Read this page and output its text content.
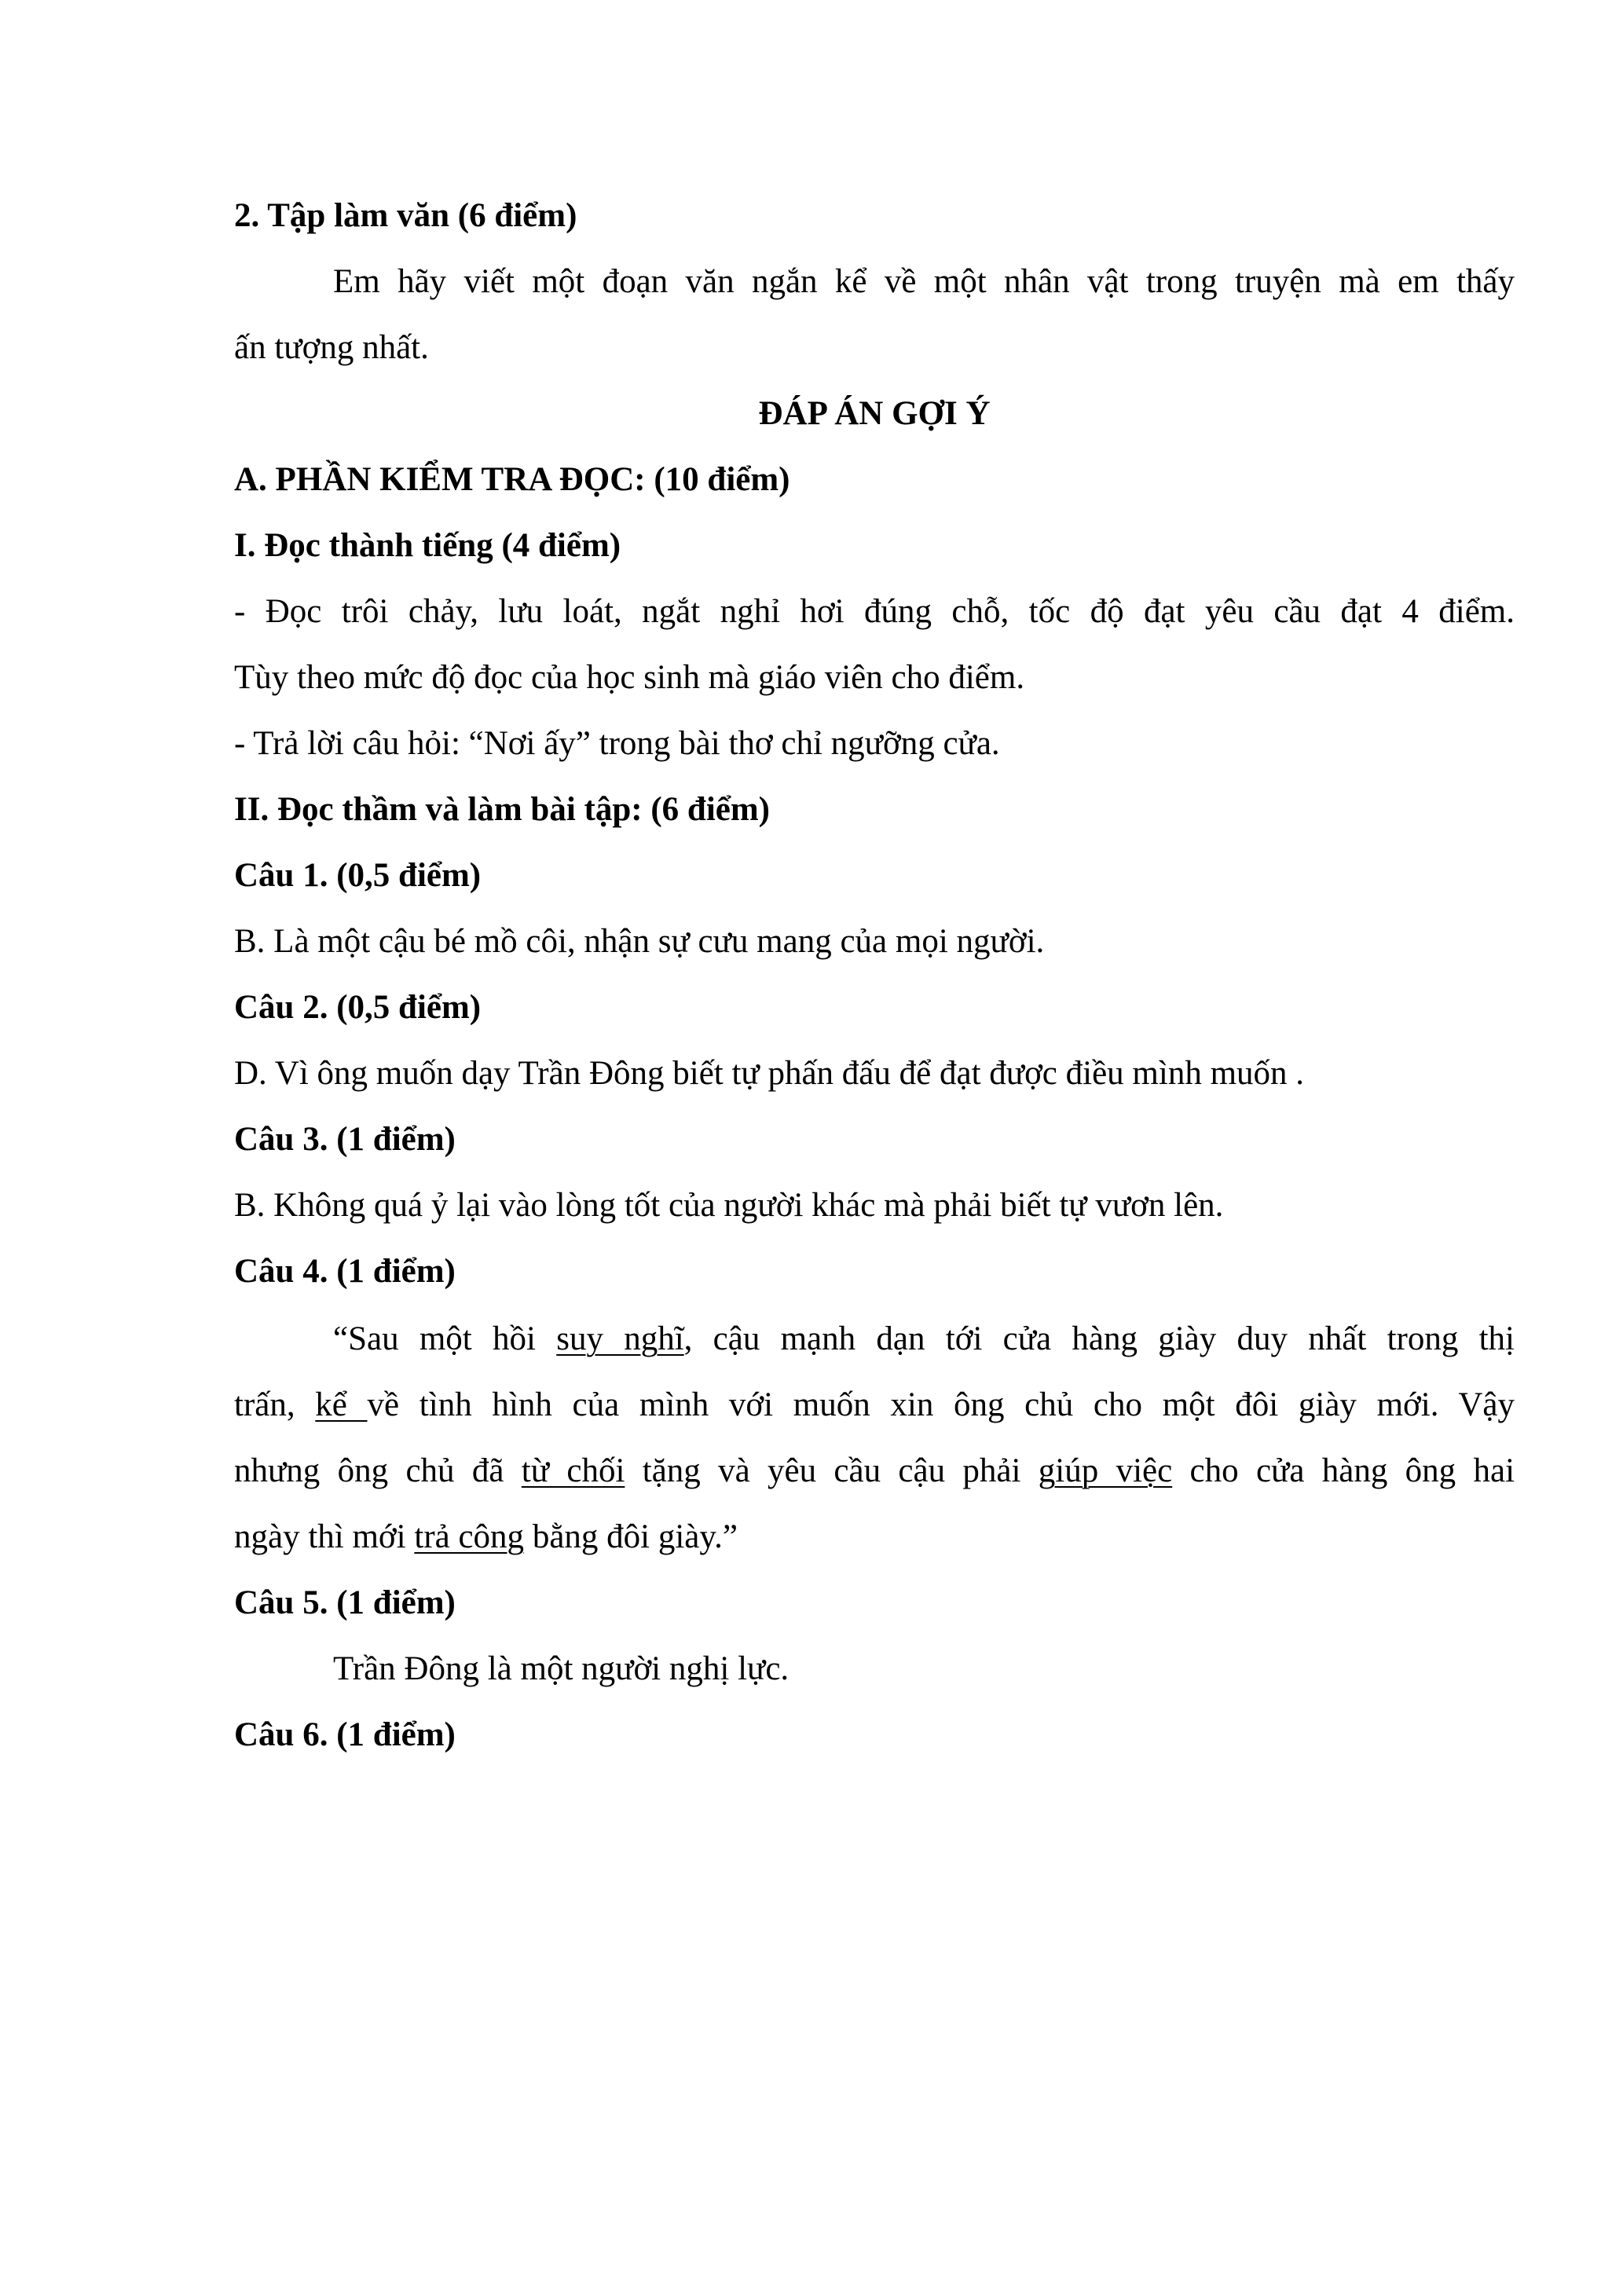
2. Tập làm văn (6 điểm)
Em hãy viết một đoạn văn ngắn kể về một nhân vật trong truyện mà em thấy
ấn tượng nhất.
ĐÁP ÁN GỢI Ý
A. PHẦN KIỂM TRA ĐỌC: (10 điểm)
I. Đọc thành tiếng (4 điểm)
- Đọc trôi chảy, lưu loát, ngắt nghỉ hơi đúng chỗ, tốc độ đạt yêu cầu đạt 4 điểm.
Tùy theo mức độ đọc của học sinh mà giáo viên cho điểm.
- Trả lời câu hỏi: “Nơi ấy” trong bài thơ chỉ ngưỡng cửa.
II. Đọc thầm và làm bài tập: (6 điểm)
Câu 1. (0,5 điểm)
B. Là một cậu bé mồ côi, nhận sự cưu mang của mọi người.
Câu 2. (0,5 điểm)
D. Vì ông muốn dạy Trần Đông biết tự phấn đấu để đạt được điều mình muốn .
Câu 3. (1 điểm)
B. Không quá ỷ lại vào lòng tốt của người khác mà phải biết tự vươn lên.
Câu 4. (1 điểm)
“Sau một hồi suy nghĩ, cậu mạnh dạn tới cửa hàng giày duy nhất trong thị
trấn, kể về tình hình của mình với muốn xin ông chủ cho một đôi giày mới. Vậy
nhưng ông chủ đã từ chối tặng và yêu cầu cậu phải giúp việc cho cửa hàng ông hai
ngày thì mới trả công bằng đôi giày.”
Câu 5. (1 điểm)
Trần Đông là một người nghị lực.
Câu 6. (1 điểm)
